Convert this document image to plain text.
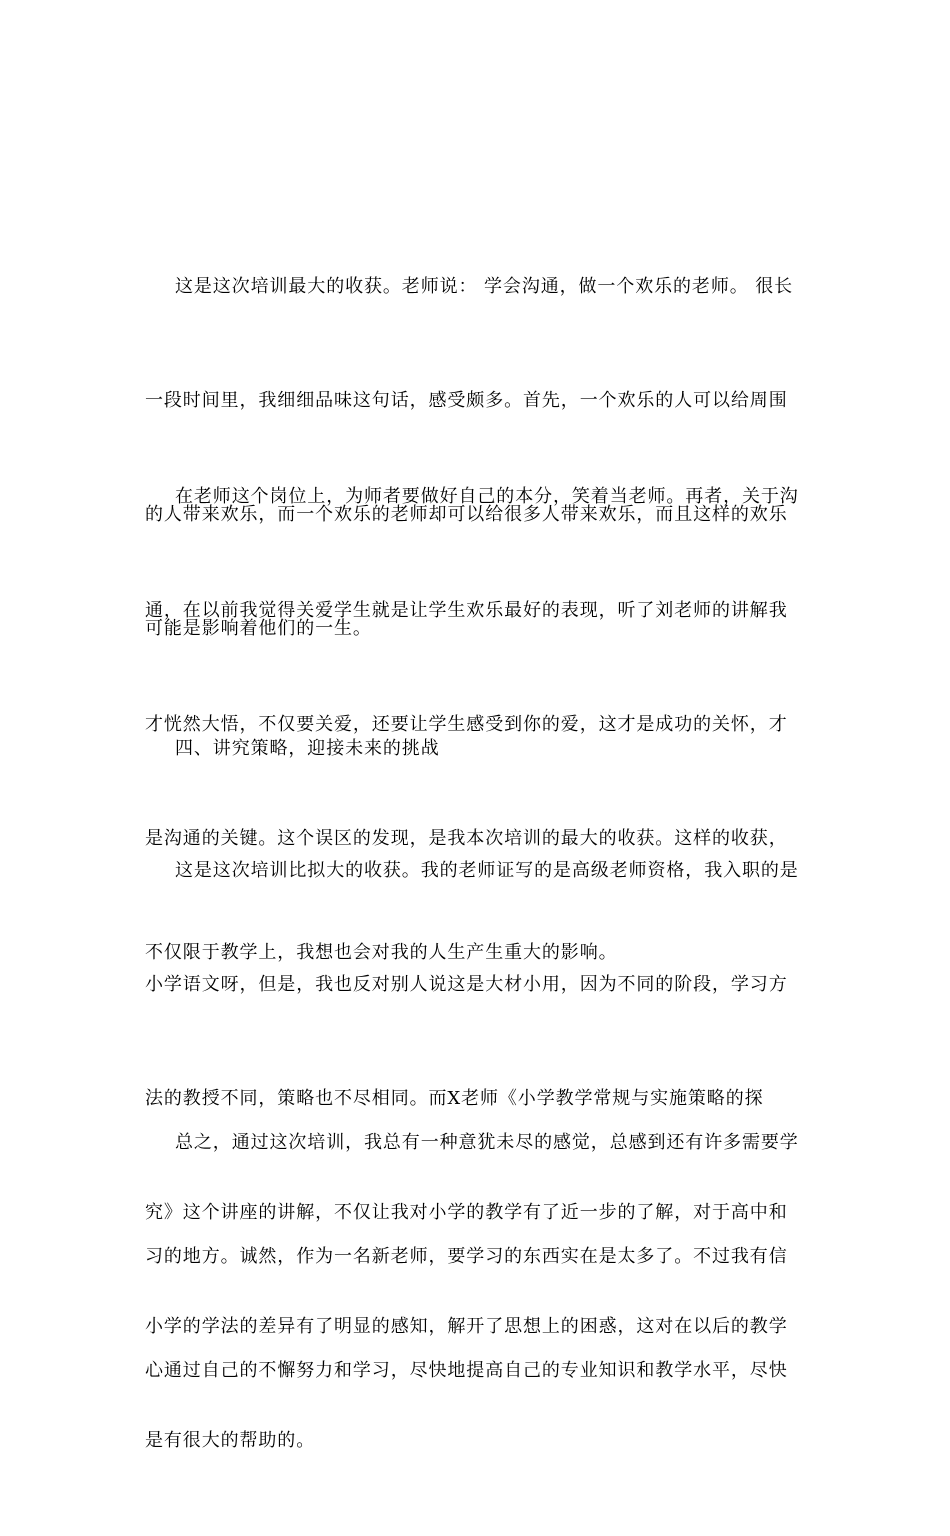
这是这次培训最大的收获。老师说： 学会沟通，做一个欢乐的老师。 很长

一段时间里，我细细品味这句话，感受颇多。首先，一个欢乐的人可以给周围

的人带来欢乐，而一个欢乐的老师却可以给很多人带来欢乐，而且这样的欢乐

可能是影响着他们的一生。

在老师这个岗位上，为师者要做好自己的本分，笑着当老师。再者，关于沟

通，在以前我觉得关爱学生就是让学生欢乐最好的表现，听了刘老师的讲解我

才恍然大悟，不仅要关爱，还要让学生感受到你的爱，这才是成功的关怀，才

是沟通的关键。这个误区的发现，是我本次培训的最大的收获。这样的收获，

不仅限于教学上，我想也会对我的人生产生重大的影响。

四、讲究策略，迎接未来的挑战

这是这次培训比拟大的收获。我的老师证写的是高级老师资格，我入职的是

小学语文呀，但是，我也反对别人说这是大材小用，因为不同的阶段，学习方

法的教授不同，策略也不尽相同。而X老师《小学教学常规与实施策略的探

究》这个讲座的讲解，不仅让我对小学的教学有了近一步的了解，对于高中和

小学的学法的差异有了明显的感知，解开了思想上的困惑，这对在以后的教学

是有很大的帮助的。

总之，通过这次培训，我总有一种意犹未尽的感觉，总感到还有许多需要学

习的地方。诚然，作为一名新老师，要学习的东西实在是太多了。不过我有信

心通过自己的不懈努力和学习，尽快地提高自己的专业知识和教学水平，尽快
